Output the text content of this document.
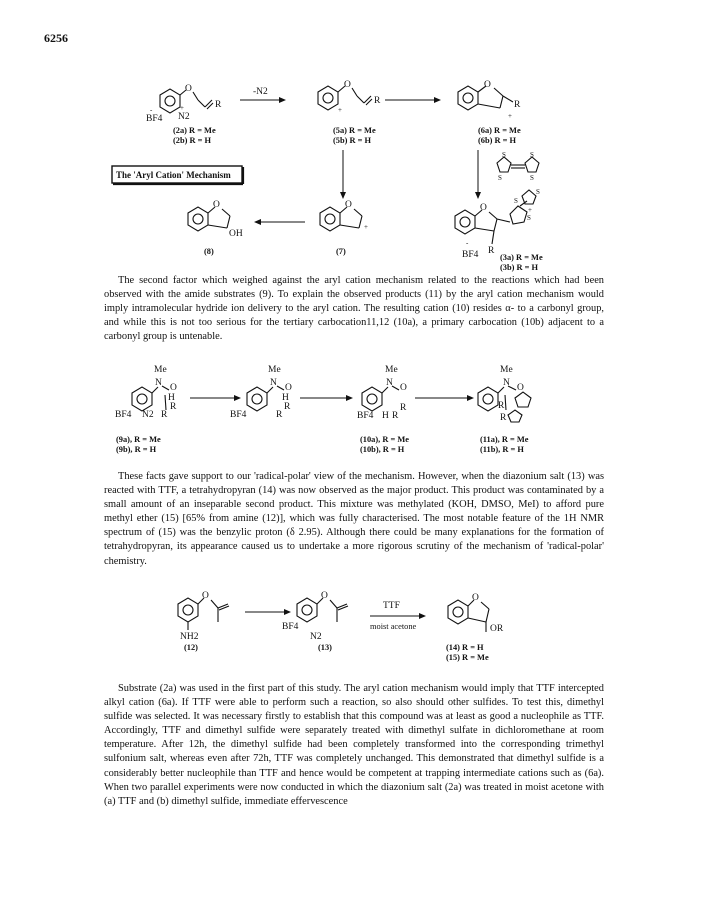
6256
O
R
+
N2
BF4
-
(2a) R = Me
(2b) R = H
-N2
O
R
+
(5a) R = Me
(5b) R = H
O
R
+
(6a) R = Me
(6b) R = H
The 'Aryl Cation' Mechanism
S	S
S	S
O
OH
(8)
O
+
(7)
O
S
S
S
+
R
-
BF4	(3a) R = Me
(3b) R = H

The second factor which weighed against the aryl cation mechanism related to the reactions which had been observed with the amide substrates (9). To explain the observed products (11) by the aryl cation mechanism would imply intramolecular hydride ion delivery to the aryl cation. The resulting cation (10) resides α- to a carbonyl group, and while this is not too serious for the tertiary carbocation11,12 (10a), a primary carbocation (10b) adjacent to a carbonyl group is untenable.

Me
N O
H
R
R
N2
BF4
(9a), R = Me
(9b), R = H
Me
N O
H
R
R
BF4
Me
N O
R
R
H
BF4
(10a), R = Me
(10b), R = H
Me
N O
R
R
(11a), R = Me
(11b), R = H

These facts gave support to our 'radical-polar' view of the mechanism. However, when the diazonium salt (13) was reacted with TTF, a tetrahydropyran (14) was now observed as the major product. This product was contaminated by a small amount of an inseparable second product. This mixture was methylated (KOH, DMSO, MeI) to afford pure methyl ether (15) [65% from amine (12)], which was fully characterised. The most notable feature of the 1H NMR spectrum of (15) was the benzylic proton (δ 2.95). Although there could be many explanations for the formation of tetrahydropyran, its appearance caused us to undertake a more rigorous scrutiny of the mechanism of 'radical-polar' chemistry.

O
NH2
(12)
O
BF4
N2
(13)
TTF
moist acetone
O
OR
(14) R = H
(15) R = Me

Substrate (2a) was used in the first part of this study. The aryl cation mechanism would imply that TTF intercepted alkyl cation (6a). If TTF were able to perform such a reaction, so also should other sulfides. To test this, dimethyl sulfide was selected. It was necessary firstly to establish that this compound was at least as good a nucleophile as TTF. Accordingly, TTF and dimethyl sulfide were separately treated with dimethyl sulfate in dichloromethane at room temperature. After 12h, the dimethyl sulfide had been completely transformed into the corresponding trimethyl sulfonium salt, whereas even after 72h, TTF was completely unchanged. This demonstrated that dimethyl sulfide is a considerably better nucleophile than TTF and hence would be competent at trapping intermediate cations such as (6a). When two parallel experiments were now conducted in which the diazonium salt (2a) was treated in moist acetone with (a) TTF and (b) dimethyl sulfide, immediate effervescence
